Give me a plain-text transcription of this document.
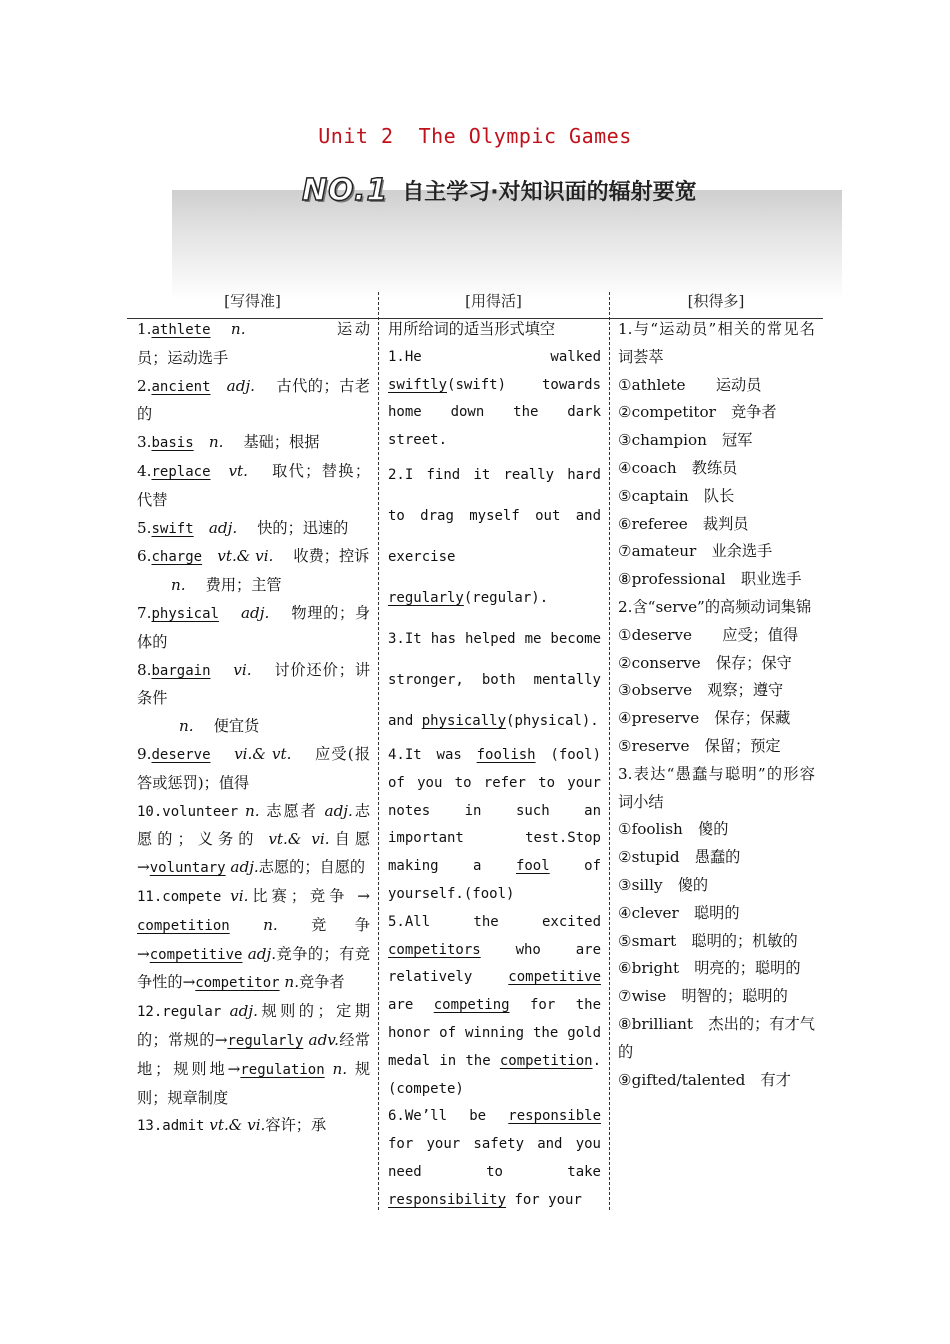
Unit 2  The Olympic Games
NO.1 自主学习·对知识面的辐射要宽
[写得准]	[用得活]	[积得多]

1.athlete　 n.　　　　　	运动员；运动选手

2.ancient　 adj.　 古代的；古老的

3.basis　 n.　 基础；根据

4.replace　 vt.　 取代；替换；代替

5.swift　 adj.　 快的；迅速的

6.charge　 vt.& vi.　 收费；控诉

n.　 费用；主管

7.physical　 adj.　 物理的；身体的

8.bargain　 vi.　 讨价还价；讲条件

n.　 便宜货

9.deserve　 vi.& vt.　 应受(报答或惩罚)；值得

10.volunteer n. 志愿者 adj.志愿的；义务的 vt.& vi.自愿→voluntary adj.志愿的；自愿的

11.compete vi.比赛；竞争 → competition n. 竞争 →competitive adj.竞争的；有竞争性的→competitor n.竞争者

12.regular adj.规则的；定期的；常规的→regularly adv.经常地；规则地→regulation n. 规则；规章制度

13.admit vt.& vi.容许；承

用所给词的适当形式填空

1.He walked swiftly(swift) towards home down the dark street.

2.I find it really hard to drag myself out and exercise regularly(regular).

3.It has helped me become stronger, both mentally and physically(physical).

4.It was foolish (fool) of you to refer to your notes in such an important test.Stop making a fool of yourself.(fool)

5.All the excited competitors who are relatively competitive are competing for the honor of winning the gold medal in the competition.(compete)

6.We’ll be responsible for your safety and you need to take responsibility for your

1.与“运动员”相关的常见名词荟萃

①athlete　　运动员

②competitor　竞争者

③champion　冠军

④coach　教练员

⑤captain　队长

⑥referee　裁判员

⑦amateur　业余选手

⑧professional　职业选手

2.含“serve”的高频动词集锦

①deserve　　应受；值得

②conserve　保存；保守

③observe　观察；遵守

④preserve　保存；保藏

⑤reserve　保留；预定

3.表达“愚蠢与聪明”的形容词小结

①foolish　傻的

②stupid　愚蠢的

③silly　傻的

④clever　聪明的

⑤smart　聪明的；机敏的

⑥bright　明亮的；聪明的

⑦wise　明智的；聪明的

⑧brilliant　杰出的；有才气的

⑨gifted/talented　有才
